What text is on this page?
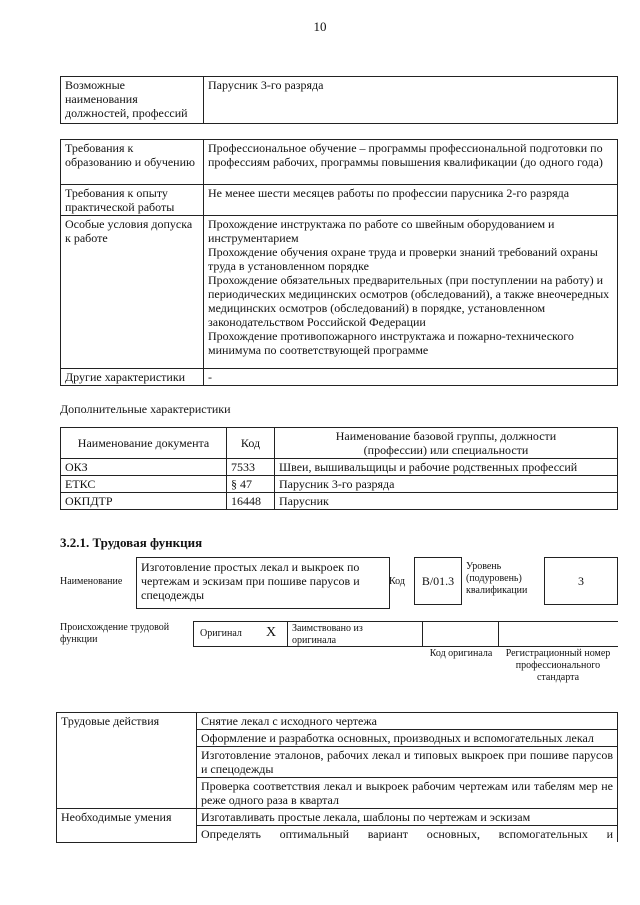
10
Возможные наименования должностей, профессий	Парусник 3-го разряда
Требования к образованию и обучению	Профессиональное обучение – программы профессиональной подготовки по профессиям рабочих, программы повышения квалификации (до одного года)
Требования к опыту практической работы	Не менее шести месяцев работы по профессии парусника 2-го разряда
Особые условия допуска к работе	Прохождение инструктажа по работе со швейным оборудованием и инструментарием
Прохождение обучения охране труда и проверки знаний требований охраны труда в установленном порядке
Прохождение обязательных предварительных (при поступлении на работу) и периодических медицинских осмотров (обследований), а также внеочередных медицинских осмотров (обследований) в порядке, установленном законодательством Российской Федерации
Прохождение противопожарного инструктажа и пожарно-технического минимума по соответствующей программе

Другие характеристики	-
Дополнительные характеристики
Наименование документа	Код	Наименование базовой группы, должности (профессии) или специальности
ОКЗ	7533	Швеи, вышивальщицы и рабочие родственных профессий
ЕТКС	§ 47	Парусник 3-го разряда
ОКПДТР	16448	Парусник
3.2.1. Трудовая функция
Наименование
Изготовление простых лекал и выкроек по чертежам и эскизам при пошиве парусов и спецодежды
Код	B/01.3
Уровень (подуровень) квалификации
3
Происхождение трудовой функции
Оригинал X Заимствовано из оригинала
Код оригинала	Регистрационный номер профессионального стандарта
Трудовые действия	Снятие лекал с исходного чертежа
	Оформление и разработка основных, производных и вспомогательных лекал
	Изготовление эталонов, рабочих лекал и типовых выкроек при пошиве парусов и спецодежды
	Проверка соответствия лекал и выкроек рабочим чертежам или табелям мер не реже одного раза в квартал
Необходимые умения	Изготавливать простые лекала, шаблоны по чертежам и эскизам
	Определять оптимальный вариант основных, вспомогательных и
